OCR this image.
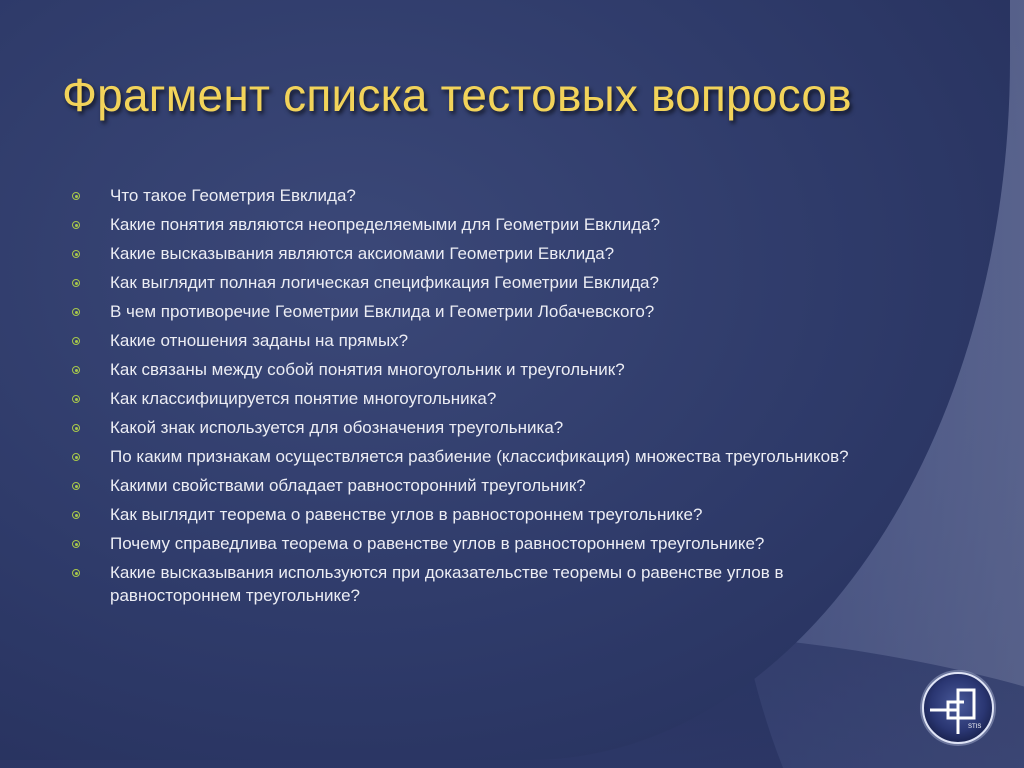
Фрагмент списка тестовых вопросов
Что такое Геометрия Евклида?
Какие понятия являются неопределяемыми для Геометрии Евклида?
Какие высказывания являются аксиомами Геометрии Евклида?
Как выглядит полная логическая спецификация Геометрии Евклида?
В чем противоречие Геометрии Евклида и Геометрии Лобачевского?
Какие отношения заданы на прямых?
Как связаны между собой понятия многоугольник и треугольник?
Как классифицируется понятие многоугольника?
Какой знак используется для обозначения треугольника?
По каким признакам осуществляется разбиение (классификация) множества треугольников?
Какими свойствами обладает равносторонний треугольник?
Как выглядит теорема о равенстве углов в равностороннем треугольнике?
Почему справедлива теорема о равенстве углов в равностороннем треугольнике?
Какие высказывания используются при доказательстве теоремы о равенстве углов в равностороннем треугольнике?
STIS
